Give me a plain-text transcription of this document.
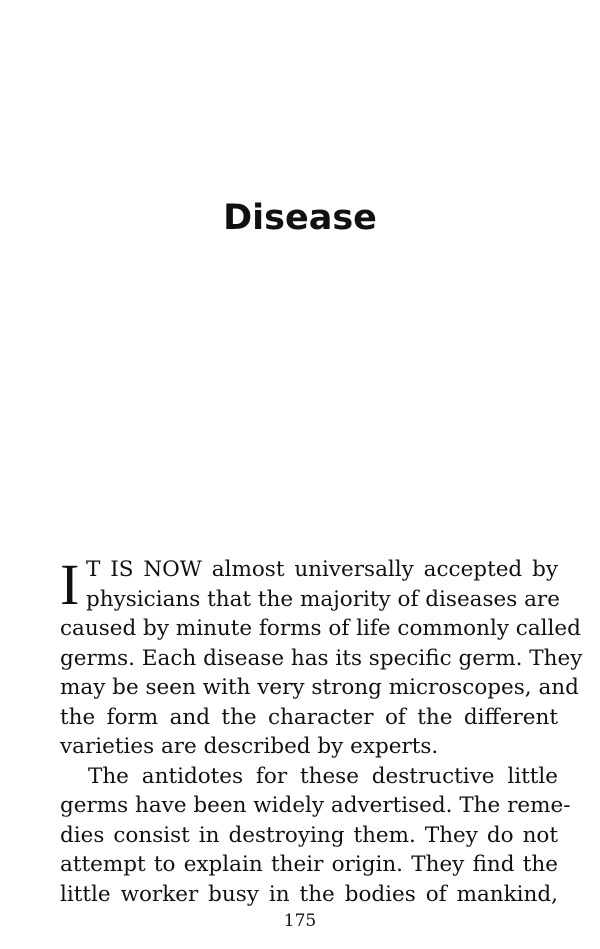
Disease
I T IS NOW almost universally accepted by
physicians that the majority of diseases are
caused by minute forms of life commonly called
germs. Each disease has its specific germ. They
may be seen with very strong microscopes, and
the form and the character of the different
varieties are described by experts.
The antidotes for these destructive little
germs have been widely advertised. The reme-
dies consist in destroying them. They do not
attempt to explain their origin. They find the
little worker busy in the bodies of mankind,

175
